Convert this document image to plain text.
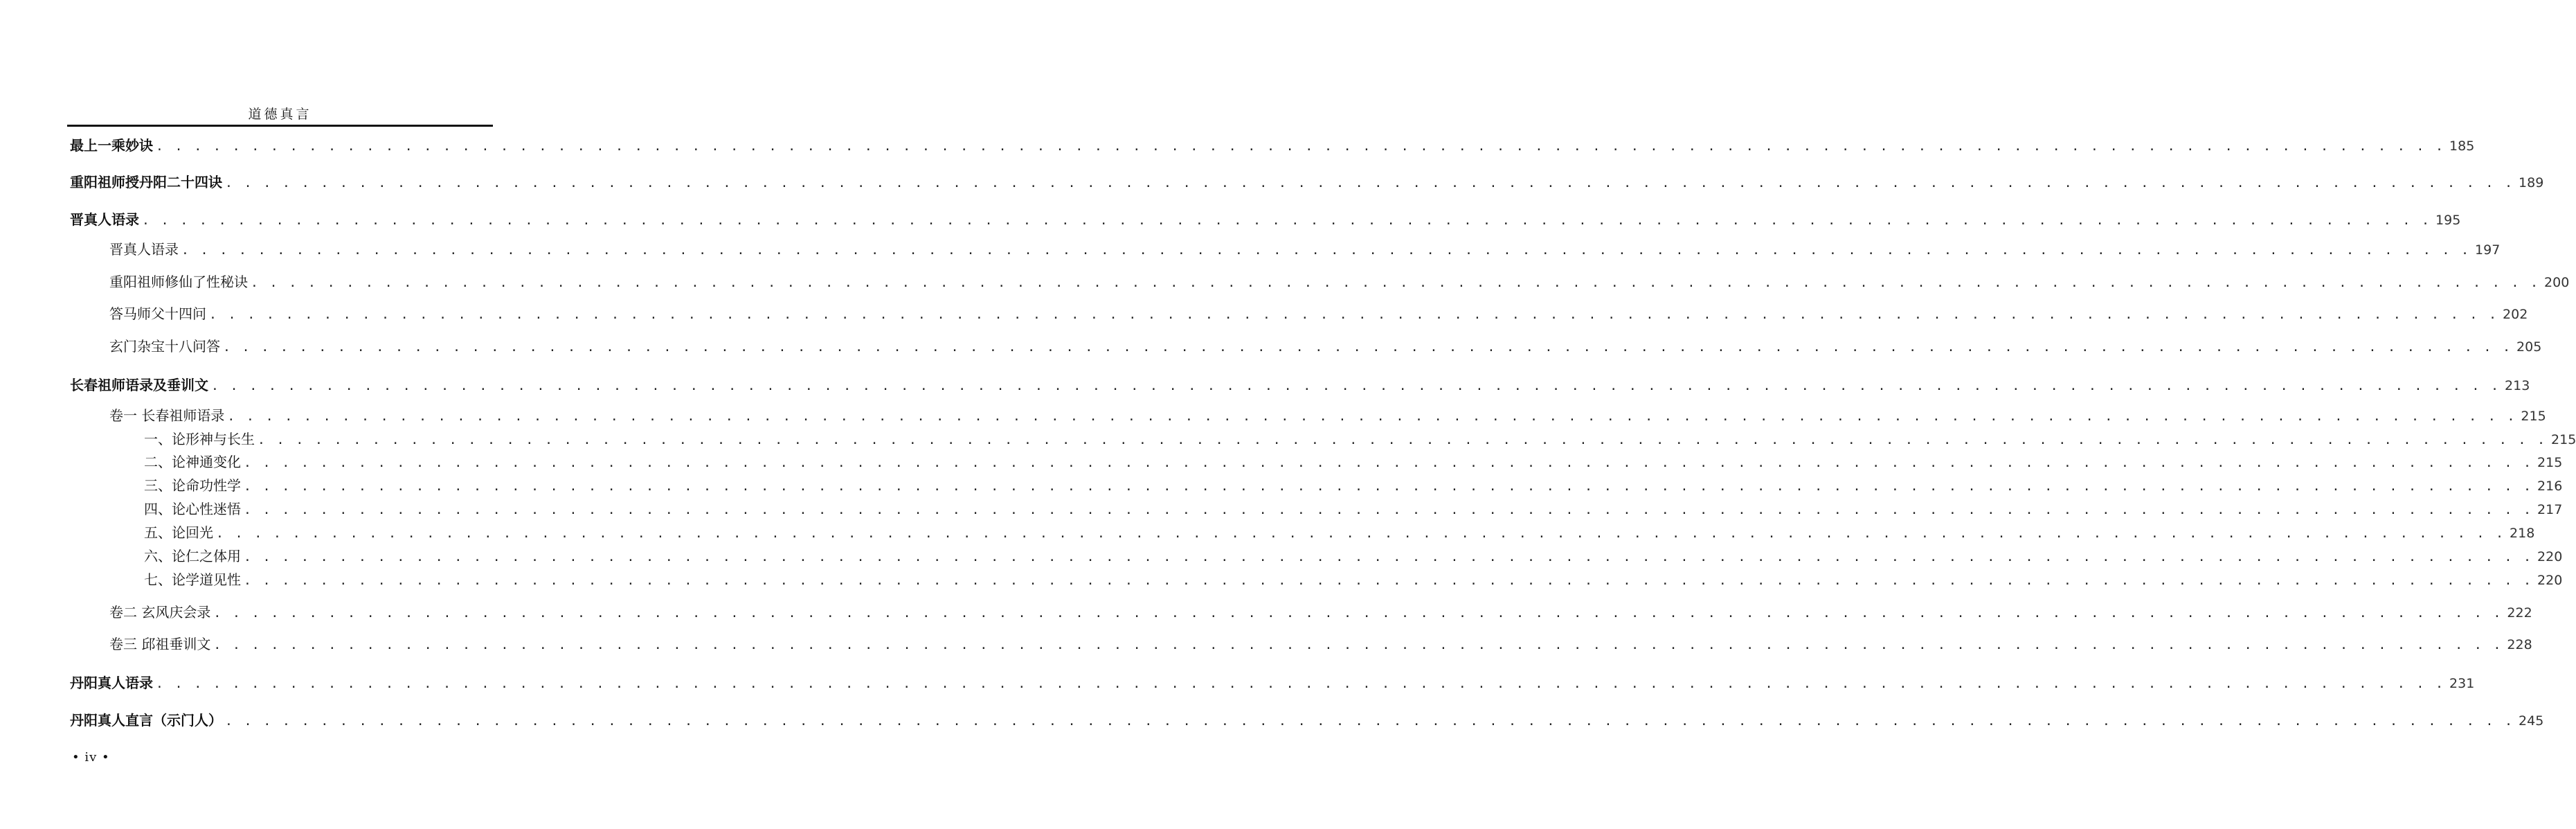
道德真言
最上一乘妙诀 . . . . . . . . . . . . . . . . . . . . . . . . . . . . . . . . . . . . . . . . . . . . . . . . . . . . . . . . . . . . . . . . . . . . . . . . . . . . . . . . . . . . . . . . . . . . . . . . . . . . . . . . . . . . . . . . . . . . . . . . 185
重阳祖师授丹阳二十四诀 . . . . . . . . . . . . . . . . . . . . . . . . . . . . . . . . . . . . . . . . . . . . . . . . . . . . . . . . . . . . . . . . . . . . . . . . . . . . . . . . . . . . . . . . . . . . . . . . . . . . . . . . . . . . . . . . . . . . . . . . 189
晋真人语录 . . . . . . . . . . . . . . . . . . . . . . . . . . . . . . . . . . . . . . . . . . . . . . . . . . . . . . . . . . . . . . . . . . . . . . . . . . . . . . . . . . . . . . . . . . . . . . . . . . . . . . . . . . . . . . . . . . . . . . . . 195
晋真人语录 . . . . . . . . . . . . . . . . . . . . . . . . . . . . . . . . . . . . . . . . . . . . . . . . . . . . . . . . . . . . . . . . . . . . . . . . . . . . . . . . . . . . . . . . . . . . . . . . . . . . . . . . . . . . . . . . . . . . . . . . 197
重阳祖师修仙了性秘诀 . . . . . . . . . . . . . . . . . . . . . . . . . . . . . . . . . . . . . . . . . . . . . . . . . . . . . . . . . . . . . . . . . . . . . . . . . . . . . . . . . . . . . . . . . . . . . . . . . . . . . . . . . . . . . . . . . . . . . . . . 200
答马师父十四问 . . . . . . . . . . . . . . . . . . . . . . . . . . . . . . . . . . . . . . . . . . . . . . . . . . . . . . . . . . . . . . . . . . . . . . . . . . . . . . . . . . . . . . . . . . . . . . . . . . . . . . . . . . . . . . . . . . . . . . . . 202
玄门杂宝十八问答 . . . . . . . . . . . . . . . . . . . . . . . . . . . . . . . . . . . . . . . . . . . . . . . . . . . . . . . . . . . . . . . . . . . . . . . . . . . . . . . . . . . . . . . . . . . . . . . . . . . . . . . . . . . . . . . . . . . . . . . . 205
长春祖师语录及垂训文 . . . . . . . . . . . . . . . . . . . . . . . . . . . . . . . . . . . . . . . . . . . . . . . . . . . . . . . . . . . . . . . . . . . . . . . . . . . . . . . . . . . . . . . . . . . . . . . . . . . . . . . . . . . . . . . . . . . . . . . . 213
卷一 长春祖师语录 . . . . . . . . . . . . . . . . . . . . . . . . . . . . . . . . . . . . . . . . . . . . . . . . . . . . . . . . . . . . . . . . . . . . . . . . . . . . . . . . . . . . . . . . . . . . . . . . . . . . . . . . . . . . . . . . . . . . . . . . 215
一、论形神与长生 . . . . . . . . . . . . . . . . . . . . . . . . . . . . . . . . . . . . . . . . . . . . . . . . . . . . . . . . . . . . . . . . . . . . . . . . . . . . . . . . . . . . . . . . . . . . . . . . . . . . . . . . . . . . . . . . . . . . . . . . 215
二、论神通变化 . . . . . . . . . . . . . . . . . . . . . . . . . . . . . . . . . . . . . . . . . . . . . . . . . . . . . . . . . . . . . . . . . . . . . . . . . . . . . . . . . . . . . . . . . . . . . . . . . . . . . . . . . . . . . . . . . . . . . . . . 215
三、论命功性学 . . . . . . . . . . . . . . . . . . . . . . . . . . . . . . . . . . . . . . . . . . . . . . . . . . . . . . . . . . . . . . . . . . . . . . . . . . . . . . . . . . . . . . . . . . . . . . . . . . . . . . . . . . . . . . . . . . . . . . . . 216
四、论心性迷悟 . . . . . . . . . . . . . . . . . . . . . . . . . . . . . . . . . . . . . . . . . . . . . . . . . . . . . . . . . . . . . . . . . . . . . . . . . . . . . . . . . . . . . . . . . . . . . . . . . . . . . . . . . . . . . . . . . . . . . . . . 217
五、论回光 . . . . . . . . . . . . . . . . . . . . . . . . . . . . . . . . . . . . . . . . . . . . . . . . . . . . . . . . . . . . . . . . . . . . . . . . . . . . . . . . . . . . . . . . . . . . . . . . . . . . . . . . . . . . . . . . . . . . . . . . 218
六、论仁之体用 . . . . . . . . . . . . . . . . . . . . . . . . . . . . . . . . . . . . . . . . . . . . . . . . . . . . . . . . . . . . . . . . . . . . . . . . . . . . . . . . . . . . . . . . . . . . . . . . . . . . . . . . . . . . . . . . . . . . . . . . 220
七、论学道见性 . . . . . . . . . . . . . . . . . . . . . . . . . . . . . . . . . . . . . . . . . . . . . . . . . . . . . . . . . . . . . . . . . . . . . . . . . . . . . . . . . . . . . . . . . . . . . . . . . . . . . . . . . . . . . . . . . . . . . . . . 220
卷二 玄风庆会录 . . . . . . . . . . . . . . . . . . . . . . . . . . . . . . . . . . . . . . . . . . . . . . . . . . . . . . . . . . . . . . . . . . . . . . . . . . . . . . . . . . . . . . . . . . . . . . . . . . . . . . . . . . . . . . . . . . . . . . . . 222
卷三 邱祖垂训文 . . . . . . . . . . . . . . . . . . . . . . . . . . . . . . . . . . . . . . . . . . . . . . . . . . . . . . . . . . . . . . . . . . . . . . . . . . . . . . . . . . . . . . . . . . . . . . . . . . . . . . . . . . . . . . . . . . . . . . . . 228
丹阳真人语录 . . . . . . . . . . . . . . . . . . . . . . . . . . . . . . . . . . . . . . . . . . . . . . . . . . . . . . . . . . . . . . . . . . . . . . . . . . . . . . . . . . . . . . . . . . . . . . . . . . . . . . . . . . . . . . . . . . . . . . . . 231
丹阳真人直言（示门人） . . . . . . . . . . . . . . . . . . . . . . . . . . . . . . . . . . . . . . . . . . . . . . . . . . . . . . . . . . . . . . . . . . . . . . . . . . . . . . . . . . . . . . . . . . . . . . . . . . . . . . . . . . . . . . . . . . . . . . . . 245
• iv •
